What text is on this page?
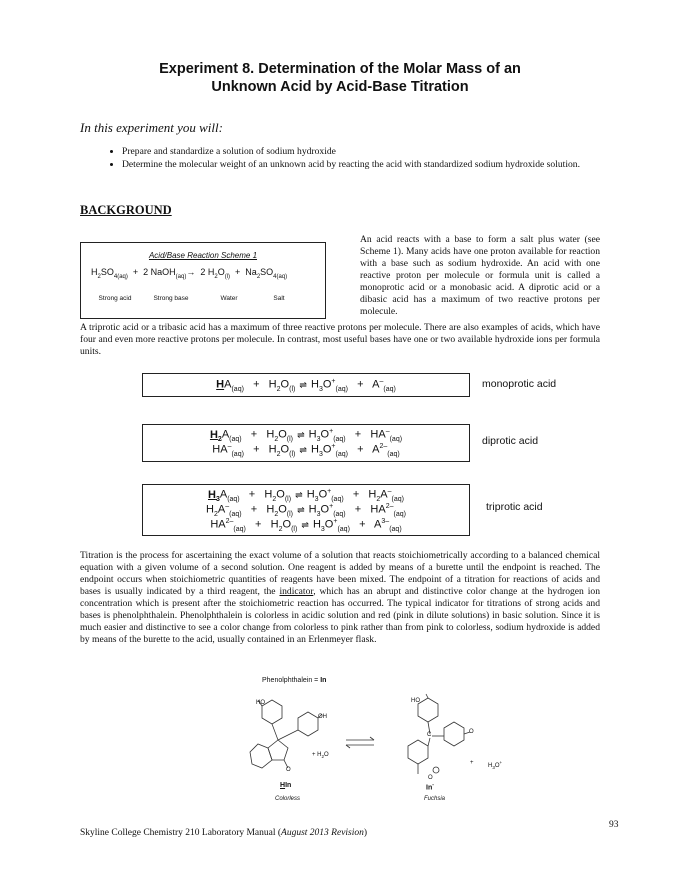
Experiment 8. Determination of the Molar Mass of an
Unknown Acid by Acid-Base Titration
In this experiment you will:
• Prepare and standardize a solution of sodium hydroxide
• Determine the molecular weight of an unknown acid by reacting the acid with standardized sodium hydroxide solution.
BACKGROUND
Acid/Base Reaction Scheme 1
$H_2SO_{4(aq)} + 2$ NaOH$_{(aq)}$→  2 $H_2O_{(l)} + Na_2SO_{4(aq)}$
Strong acid	Strong base	Water	Salt

An acid reacts with a base to form a salt plus water (see Scheme 1). Many acids have one proton available for reaction with a base such as sodium hydroxide. An acid with one reactive proton per molecule or formula unit is called a monoprotic acid or a monobasic acid. A diprotic acid or a dibasic acid has a maximum of two reactive protons per molecule.

A triprotic acid or a tribasic acid has a maximum of three reactive protons per molecule. There are also examples of acids, which have four and even more reactive protons per molecule. In contrast, most useful bases have one or two available hydroxide ions per formula units.

$HA_{(aq)} + H_2O_{(l)}$ ⇌ $H_3O^+_{(aq)} + A^-_{(aq)}$	monoprotic acid
$H_2A_{(aq)} + H_2O_{(l)}$ ⇌ $H_3O^+_{(aq)} + HA^-_{(aq)}$
$HA^-_{(aq)} + H_2O_{(l)}$ ⇌ $H_3O^+_{(aq)} + A^{2-}_{(aq)}$
diprotic acid
$H_3A_{(aq)} + H_2O_{(l)}$ ⇌ $H_3O^+_{(aq)} + H_2A^-_{(aq)}$
$H_2A^-_{(aq)} + H_2O_{(l)}$ ⇌ $H_3O^+_{(aq)} + HA^{2-}_{(aq)}$
$HA^{2-}_{(aq)} + H_2O_{(l)}$ ⇌ $H_3O^+_{(aq)} + A^{3-}_{(aq)}$
triprotic acid

Titration is the process for ascertaining the exact volume of a solution that reacts stoichiometrically according to a balanced chemical equation with a given volume of a second solution. One reagent is added by means of a burette until the endpoint is reached. The endpoint occurs when stoichiometric quantities of reagents have been mixed. The endpoint of a titration for reactions of acids and bases is usually indicated by a third reagent, the indicator, which has an abrupt and distinctive color change at the hydrogen ion concentration which is present after the stoichiometric reaction has occurred. The typical indicator for titrations of strong acids and bases is phenolphthalein. Phenolphthalein is colorless in acidic solution and red (pink in dilute solutions) in basic solution. Since it is much easier and distinctive to see a color change from colorless to pink rather than from pink to colorless, sodium hydroxide is added by means of the burette to the acid, usually contained in an Erlenmeyer flask.

Phenolphthalein = In
HO
OH
O
+ $H_2O$
HO
C	O
O
+ $H_3O^+$
HIn
Colorless
In-
Fuchsia
Skyline College Chemistry 210 Laboratory Manual (August 2013 Revision)
93
